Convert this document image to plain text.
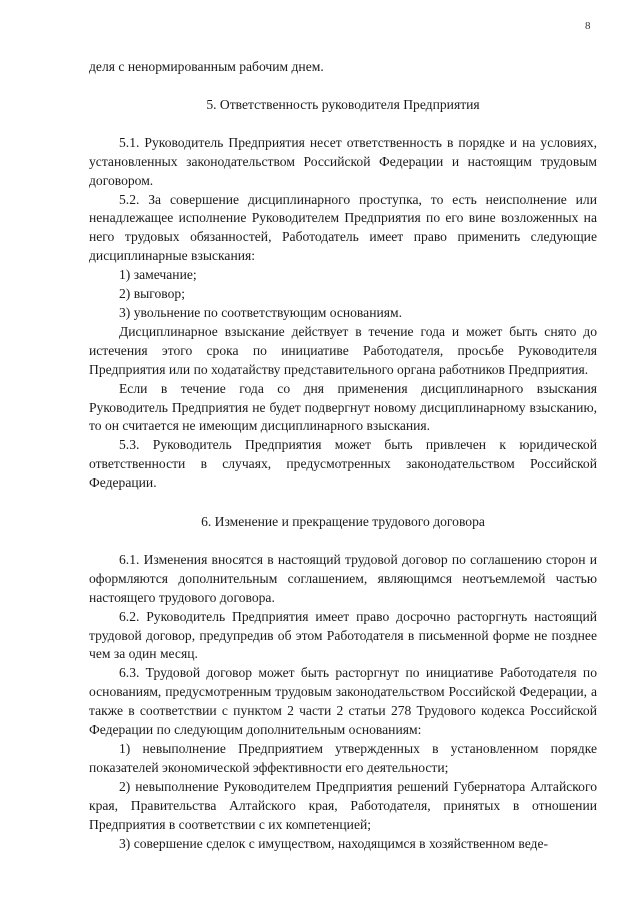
8

деля с ненормированным рабочим днем.

5. Ответственность руководителя Предприятия

5.1. Руководитель Предприятия несет ответственность в порядке и на условиях, установленных законодательством Российской Федерации и настоящим трудовым договором.

5.2. За совершение дисциплинарного проступка, то есть неисполнение или ненадлежащее исполнение Руководителем Предприятия по его вине возложенных на него трудовых обязанностей, Работодатель имеет право применить следующие дисциплинарные взыскания:

1) замечание;

2) выговор;

3) увольнение по соответствующим основаниям.

Дисциплинарное взыскание действует в течение года и может быть снято до истечения этого срока по инициативе Работодателя, просьбе Руководителя Предприятия или по ходатайству представительного органа работников Предприятия.

Если в течение года со дня применения дисциплинарного взыскания Руководитель Предприятия не будет подвергнут новому дисциплинарному взысканию, то он считается не имеющим дисциплинарного взыскания.

5.3. Руководитель Предприятия может быть привлечен к юридической ответственности в случаях, предусмотренных законодательством Российской Федерации.

6. Изменение и прекращение трудового договора

6.1. Изменения вносятся в настоящий трудовой договор по соглашению сторон и оформляются дополнительным соглашением, являющимся неотъемлемой частью настоящего трудового договора.

6.2. Руководитель Предприятия имеет право досрочно расторгнуть настоящий трудовой договор, предупредив об этом Работодателя в письменной форме не позднее чем за один месяц.

6.3. Трудовой договор может быть расторгнут по инициативе Работодателя по основаниям, предусмотренным трудовым законодательством Российской Федерации, а также в соответствии с пунктом 2 части 2 статьи 278 Трудового кодекса Российской Федерации по следующим дополнительным основаниям:

1) невыполнение Предприятием утвержденных в установленном порядке показателей экономической эффективности его деятельности;

2) невыполнение Руководителем Предприятия решений Губернатора Алтайского края, Правительства Алтайского края, Работодателя, принятых в отношении Предприятия в соответствии с их компетенцией;

3) совершение сделок с имуществом, находящимся в хозяйственном веде-
